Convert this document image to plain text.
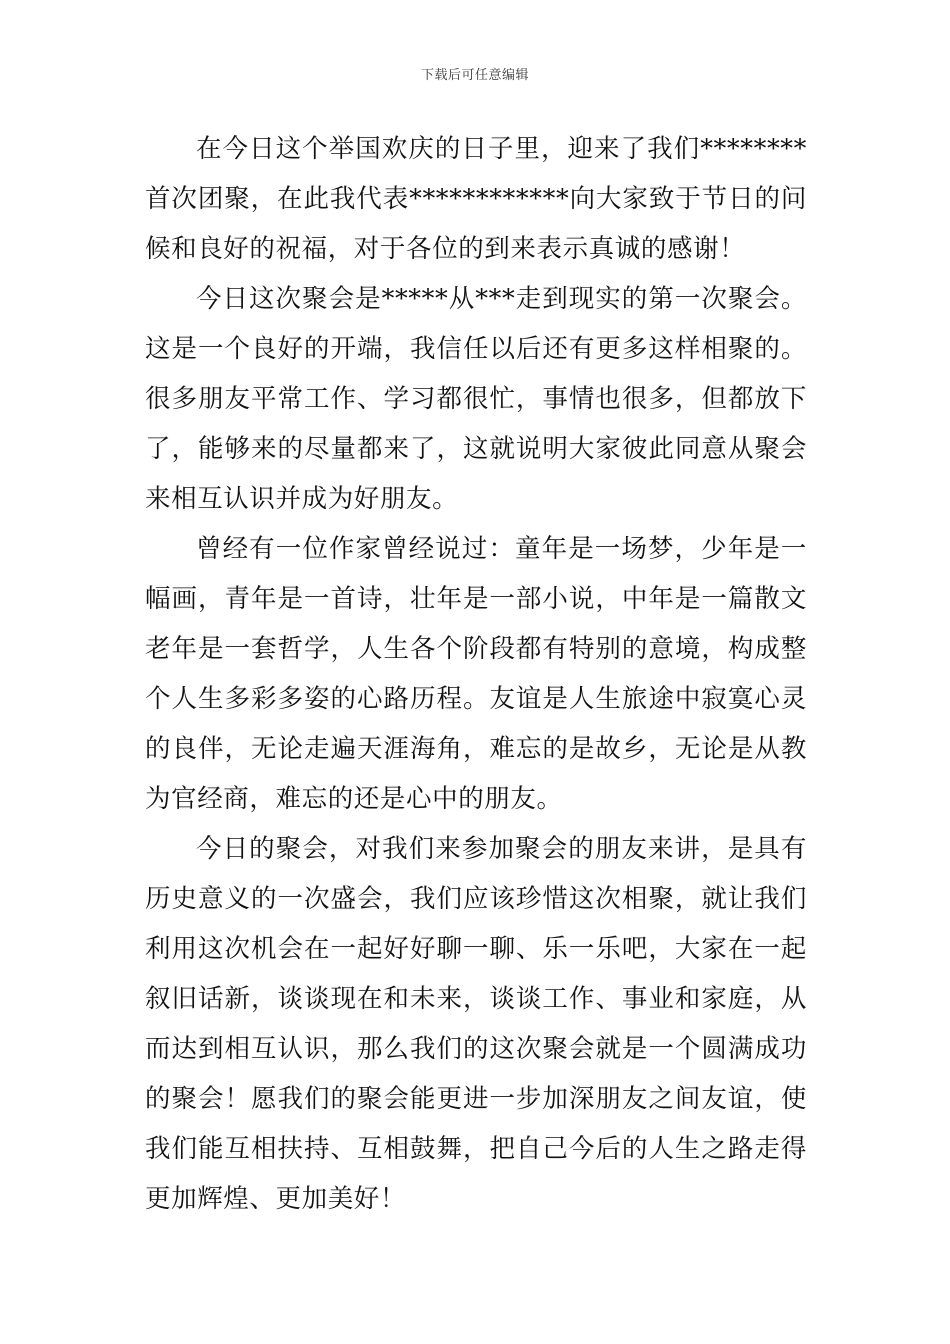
下载后可任意编辑

在今日这个举国欢庆的日子里，迎来了我们********首次团聚，在此我代表************向大家致于节日的问候和良好的祝福，对于各位的到来表示真诚的感谢！

今日这次聚会是*****从***走到现实的第一次聚会。这是一个良好的开端，我信任以后还有更多这样相聚的。很多朋友平常工作、学习都很忙，事情也很多，但都放下了，能够来的尽量都来了，这就说明大家彼此同意从聚会来相互认识并成为好朋友。

曾经有一位作家曾经说过：童年是一场梦，少年是一幅画，青年是一首诗，壮年是一部小说，中年是一篇散文老年是一套哲学，人生各个阶段都有特别的意境，构成整个人生多彩多姿的心路历程。友谊是人生旅途中寂寞心灵的良伴，无论走遍天涯海角，难忘的是故乡，无论是从教为官经商，难忘的还是心中的朋友。

今日的聚会，对我们来参加聚会的朋友来讲，是具有历史意义的一次盛会，我们应该珍惜这次相聚，就让我们利用这次机会在一起好好聊一聊、乐一乐吧，大家在一起叙旧话新，谈谈现在和未来，谈谈工作、事业和家庭，从而达到相互认识，那么我们的这次聚会就是一个圆满成功的聚会！愿我们的聚会能更进一步加深朋友之间友谊，使我们能互相扶持、互相鼓舞，把自己今后的人生之路走得更加辉煌、更加美好！
